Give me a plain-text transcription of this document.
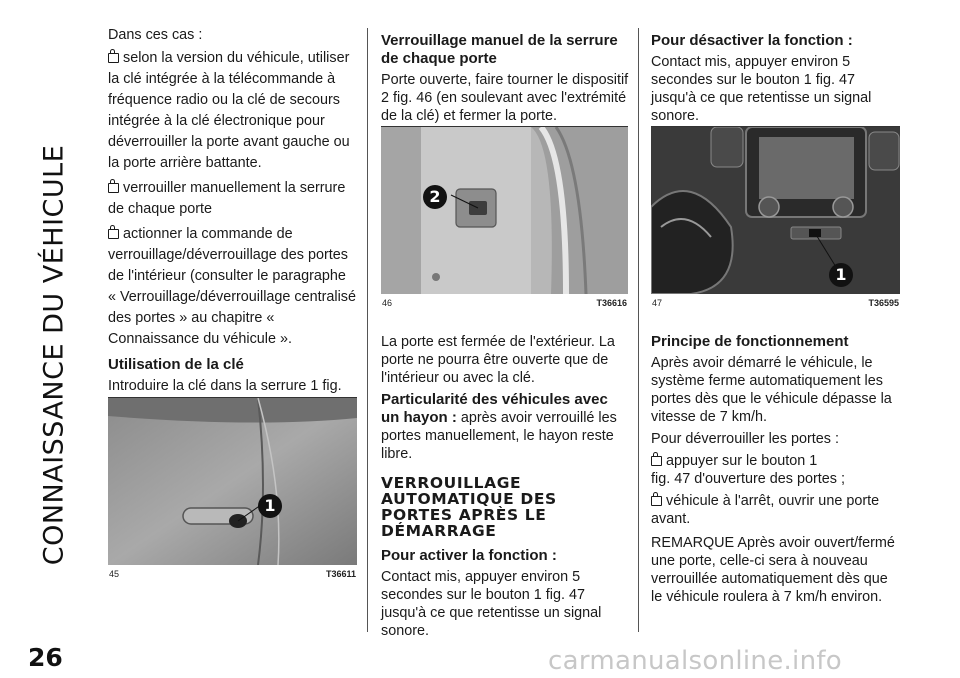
CONNAISSANCE DU VÉHICULE

Dans ces cas :

selon la version du véhicule, utiliser la clé intégrée à la télécommande à fréquence radio ou la clé de secours intégrée à la clé électronique pour déverrouiller la porte avant gauche ou la porte arrière battante.

verrouiller manuellement la serrure de chaque porte

actionner la commande de verrouillage/déverrouillage des portes de l'intérieur (consulter le paragraphe « Verrouillage/déverrouillage centralisé des portes » au chapitre « Connaissance du véhicule ».

Utilisation de la clé

Introduire la clé dans la serrure 1 fig.

1
45	T36611
Verrouillage manuel de la serrure de chaque porte

Porte ouverte, faire tourner le dispositif 2 fig. 46 (en soulevant avec l'extrémité de la clé) et fermer la porte.

La porte est fermée de l'extérieur. La porte ne pourra être ouverte que de l'intérieur ou avec la clé.

Particularité des véhicules avec un hayon : après avoir verrouillé les portes manuellement, le hayon reste libre.

VERROUILLAGE AUTOMATIQUE DES PORTES APRÈS LE DÉMARRAGE
Pour activer la fonction :

Contact mis, appuyer environ 5 secondes sur le bouton 1 fig. 47 jusqu'à ce que retentisse un signal sonore.

2
46	T36616
Pour désactiver la fonction :

Contact mis, appuyer environ 5 secondes sur le bouton 1 fig. 47 jusqu'à ce que retentisse un signal sonore.

Principe de fonctionnement

Après avoir démarré le véhicule, le système ferme automatiquement les portes dès que le véhicule dépasse la vitesse de 7 km/h.

Pour déverrouiller les portes :

appuyer sur le bouton 1

fig. 47 d'ouverture des portes ;

véhicule à l'arrêt, ouvrir une porte

avant.

REMARQUE Après avoir ouvert/fermé une porte, celle-ci sera à nouveau verrouillée automatiquement dès que le véhicule roulera à 7 km/h environ.

1
47	T36595
26	carmanualsonline.info
